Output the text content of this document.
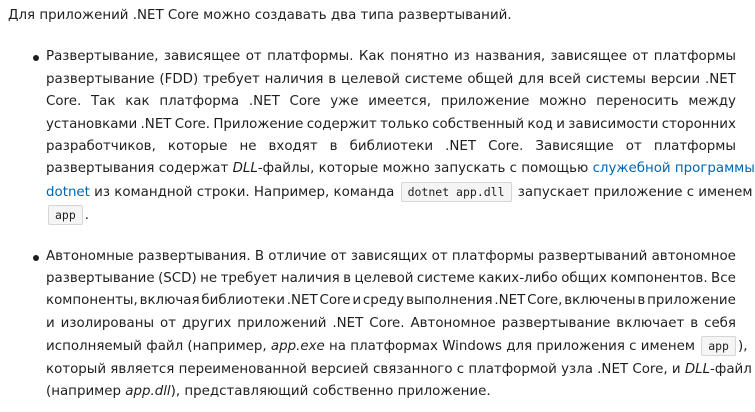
Для приложений .NET Core можно создавать два типа развертываний.

Развертывание, зависящее от платформы. Как понятно из названия, зависящее от платформы
развертывание (FDD) требует наличия в целевой системе общей для всей системы версии .NET
Core. Так как платформа .NET Core уже имеется, приложение можно переносить между
установками .NET Core. Приложение содержит только собственный код и зависимости сторонних
разработчиков, которые не входят в библиотеки .NET Core. Зависящие от платформы
развертывания содержат DLL-файлы, которые можно запускать с помощью служебной программы
dotnet из командной строки. Например, команда dotnet app.dll запускает приложение с именем
app .
Автономные развертывания. В отличие от зависящих от платформы развертываний автономное
развертывание (SCD) не требует наличия в целевой системе каких-либо общих компонентов. Все
компоненты, включая библиотеки .NET Core и среду выполнения .NET Core, включены в приложение
и изолированы от других приложений .NET Core. Автономное развертывание включает в себя
исполняемый файл (например, app.exe на платформах Windows для приложения с именем app ),
который является переименованной версией связанного с платформой узла .NET Core, и DLL-файл
(например app.dll), представляющий собственно приложение.
